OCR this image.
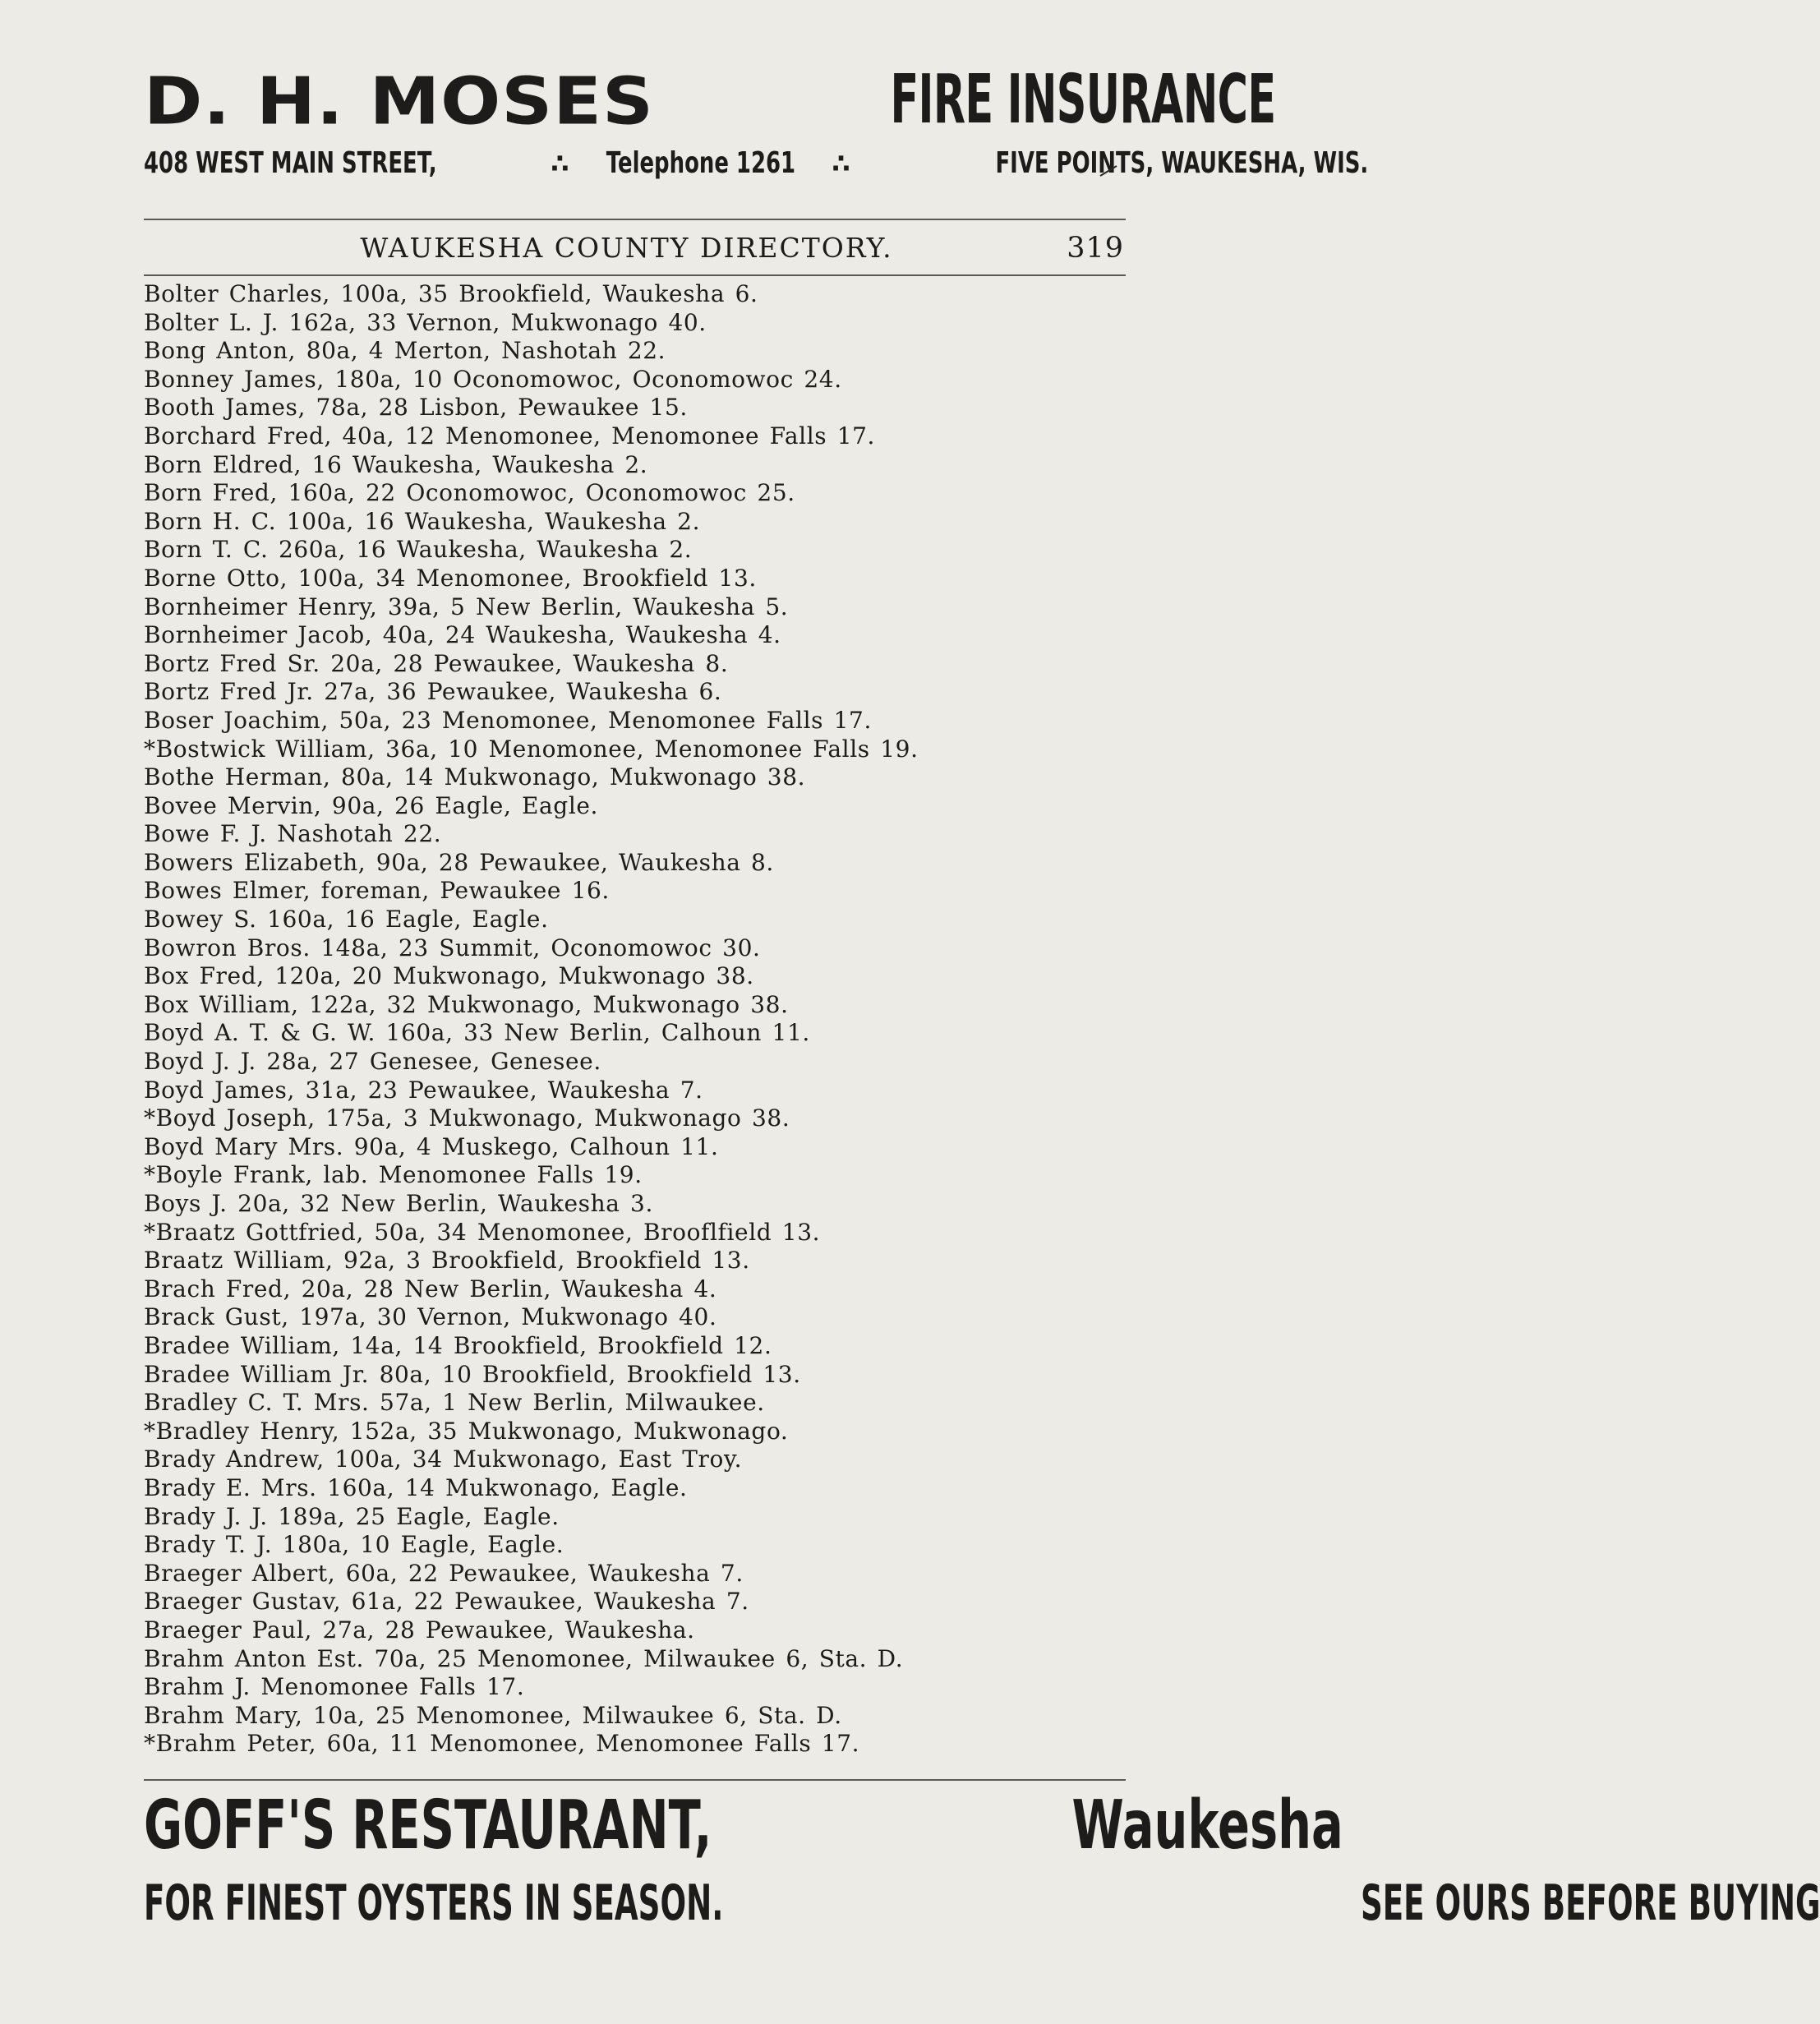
D. H. MOSES	FIRE INSURANCE
408 WEST MAIN STREET,	∴ Telephone 1261 ∴	FIVE POINTS, WAUKESHA, WIS.
WAUKESHA COUNTY DIRECTORY.	319
Bolter Charles, 100a, 35 Brookfield, Waukesha 6.
Bolter L. J. 162a, 33 Vernon, Mukwonago 40.
Bong Anton, 80a, 4 Merton, Nashotah 22.
Bonney James, 180a, 10 Oconomowoc, Oconomowoc 24.
Booth James, 78a, 28 Lisbon, Pewaukee 15.
Borchard Fred, 40a, 12 Menomonee, Menomonee Falls 17.
Born Eldred, 16 Waukesha, Waukesha 2.
Born Fred, 160a, 22 Oconomowoc, Oconomowoc 25.
Born H. C. 100a, 16 Waukesha, Waukesha 2.
Born T. C. 260a, 16 Waukesha, Waukesha 2.
Borne Otto, 100a, 34 Menomonee, Brookfield 13.
Bornheimer Henry, 39a, 5 New Berlin, Waukesha 5.
Bornheimer Jacob, 40a, 24 Waukesha, Waukesha 4.
Bortz Fred Sr. 20a, 28 Pewaukee, Waukesha 8.
Bortz Fred Jr. 27a, 36 Pewaukee, Waukesha 6.
Boser Joachim, 50a, 23 Menomonee, Menomonee Falls 17.
*Bostwick William, 36a, 10 Menomonee, Menomonee Falls 19.
Bothe Herman, 80a, 14 Mukwonago, Mukwonago 38.
Bovee Mervin, 90a, 26 Eagle, Eagle.
Bowe F. J. Nashotah 22.
Bowers Elizabeth, 90a, 28 Pewaukee, Waukesha 8.
Bowes Elmer, foreman, Pewaukee 16.
Bowey S. 160a, 16 Eagle, Eagle.
Bowron Bros. 148a, 23 Summit, Oconomowoc 30.
Box Fred, 120a, 20 Mukwonago, Mukwonago 38.
Box William, 122a, 32 Mukwonago, Mukwonago 38.
Boyd A. T. & G. W. 160a, 33 New Berlin, Calhoun 11.
Boyd J. J. 28a, 27 Genesee, Genesee.
Boyd James, 31a, 23 Pewaukee, Waukesha 7.
*Boyd Joseph, 175a, 3 Mukwonago, Mukwonago 38.
Boyd Mary Mrs. 90a, 4 Muskego, Calhoun 11.
*Boyle Frank, lab. Menomonee Falls 19.
Boys J. 20a, 32 New Berlin, Waukesha 3.
*Braatz Gottfried, 50a, 34 Menomonee, Brooflfield 13.
Braatz William, 92a, 3 Brookfield, Brookfield 13.
Brach Fred, 20a, 28 New Berlin, Waukesha 4.
Brack Gust, 197a, 30 Vernon, Mukwonago 40.
Bradee William, 14a, 14 Brookfield, Brookfield 12.
Bradee William Jr. 80a, 10 Brookfield, Brookfield 13.
Bradley C. T. Mrs. 57a, 1 New Berlin, Milwaukee.
*Bradley Henry, 152a, 35 Mukwonago, Mukwonago.
Brady Andrew, 100a, 34 Mukwonago, East Troy.
Brady E. Mrs. 160a, 14 Mukwonago, Eagle.
Brady J. J. 189a, 25 Eagle, Eagle.
Brady T. J. 180a, 10 Eagle, Eagle.
Braeger Albert, 60a, 22 Pewaukee, Waukesha 7.
Braeger Gustav, 61a, 22 Pewaukee, Waukesha 7.
Braeger Paul, 27a, 28 Pewaukee, Waukesha.
Brahm Anton Est. 70a, 25 Menomonee, Milwaukee 6, Sta. D.
Brahm J. Menomonee Falls 17.
Brahm Mary, 10a, 25 Menomonee, Milwaukee 6, Sta. D.
*Brahm Peter, 60a, 11 Menomonee, Menomonee Falls 17.
GOFF'S RESTAURANT,	Waukesha
FOR FINEST OYSTERS IN SEASON.	SEE OURS BEFORE BUYING
